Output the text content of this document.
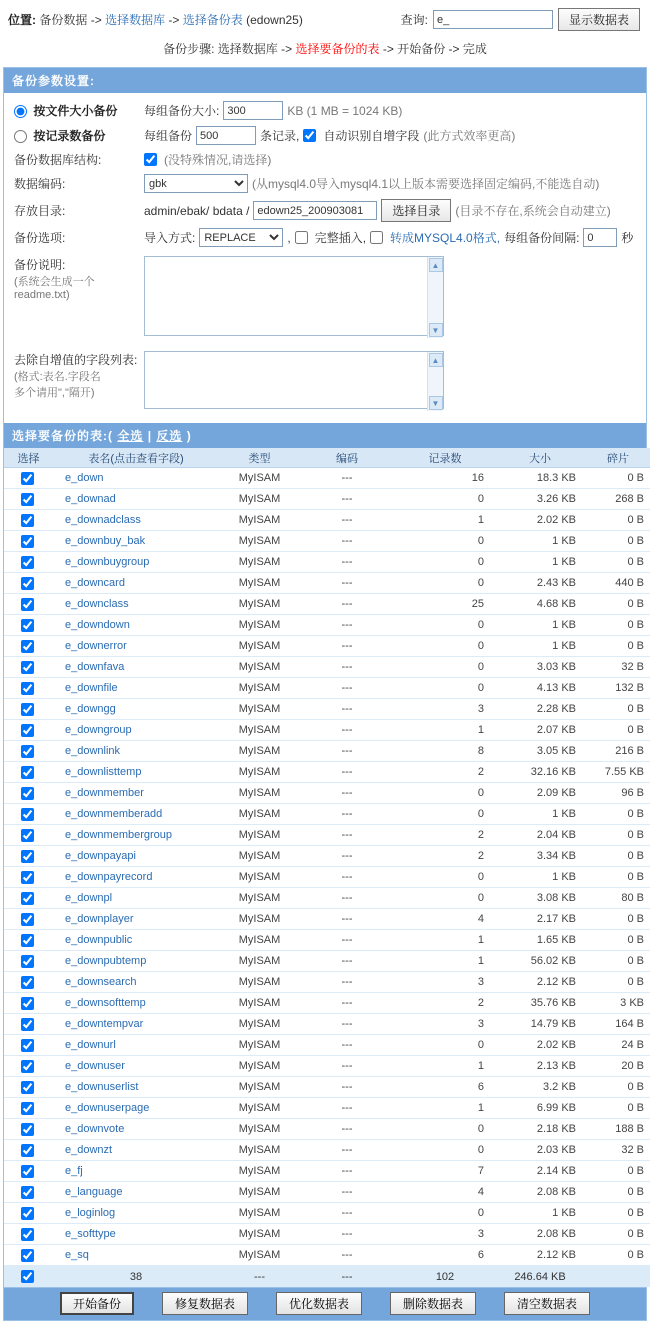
位置: 备份数据 -> 选择数据库 -> 选择备份表 (edown25)	查询:
e_	显示数据表
备份步骤: 选择数据库 -> 选择要备份的表 -> 开始备份 -> 完成
备份参数设置:
按文件大小备份	每组备份大小:
300	KB (1 MB = 1024 KB)
按记录数备份	每组备份
500	条记录, 自动识别自增字段 (此方式效率更高)
备份数据库结构:	(没特殊情况,请选择)
数据编码:
gbk	(从mysql4.0导入mysql4.1以上版本需要选择固定编码,不能选自动)
存放目录:	admin/ebak/ bdata /
edown25_200903081	选择目录	(目录不存在,系统会自动建立)
备份选项:	导入方式:
REPLACE	, 完整插入, 转成MYSQL4.0格式, 每组备份间隔:
0	秒
备份说明:
(系统会生成一个readme.txt)
▲
▼
去除自增值的字段列表:
(格式:表名.字段名
多个请用","隔开)
▲
▼
选择要备份的表:( 全选 | 反选 )
选择	表名(点击查看字段)	类型	编码	记录数	大小	碎片
	e_down	MyISAM	---	16	18.3 KB	0 B
	e_downad	MyISAM	---	0	3.26 KB	268 B
	e_downadclass	MyISAM	---	1	2.02 KB	0 B
	e_downbuy_bak	MyISAM	---	0	1 KB	0 B
	e_downbuygroup	MyISAM	---	0	1 KB	0 B
	e_downcard	MyISAM	---	0	2.43 KB	440 B
	e_downclass	MyISAM	---	25	4.68 KB	0 B
	e_downdown	MyISAM	---	0	1 KB	0 B
	e_downerror	MyISAM	---	0	1 KB	0 B
	e_downfava	MyISAM	---	0	3.03 KB	32 B
	e_downfile	MyISAM	---	0	4.13 KB	132 B
	e_downgg	MyISAM	---	3	2.28 KB	0 B
	e_downgroup	MyISAM	---	1	2.07 KB	0 B
	e_downlink	MyISAM	---	8	3.05 KB	216 B
	e_downlisttemp	MyISAM	---	2	32.16 KB	7.55 KB
	e_downmember	MyISAM	---	0	2.09 KB	96 B
	e_downmemberadd	MyISAM	---	0	1 KB	0 B
	e_downmembergroup	MyISAM	---	2	2.04 KB	0 B
	e_downpayapi	MyISAM	---	2	3.34 KB	0 B
	e_downpayrecord	MyISAM	---	0	1 KB	0 B
	e_downpl	MyISAM	---	0	3.08 KB	80 B
	e_downplayer	MyISAM	---	4	2.17 KB	0 B
	e_downpublic	MyISAM	---	1	1.65 KB	0 B
	e_downpubtemp	MyISAM	---	1	56.02 KB	0 B
	e_downsearch	MyISAM	---	3	2.12 KB	0 B
	e_downsofttemp	MyISAM	---	2	35.76 KB	3 KB
	e_downtempvar	MyISAM	---	3	14.79 KB	164 B
	e_downurl	MyISAM	---	0	2.02 KB	24 B
	e_downuser	MyISAM	---	1	2.13 KB	20 B
	e_downuserlist	MyISAM	---	6	3.2 KB	0 B
	e_downuserpage	MyISAM	---	1	6.99 KB	0 B
	e_downvote	MyISAM	---	0	2.18 KB	188 B
	e_downzt	MyISAM	---	0	2.03 KB	32 B
	e_fj	MyISAM	---	7	2.14 KB	0 B
	e_language	MyISAM	---	4	2.08 KB	0 B
	e_loginlog	MyISAM	---	0	1 KB	0 B
	e_softtype	MyISAM	---	3	2.08 KB	0 B
	e_sq	MyISAM	---	6	2.12 KB	0 B
	38	---	---	102	246.64 KB	
开始备份	修复数据表	优化数据表	删除数据表	清空数据表
